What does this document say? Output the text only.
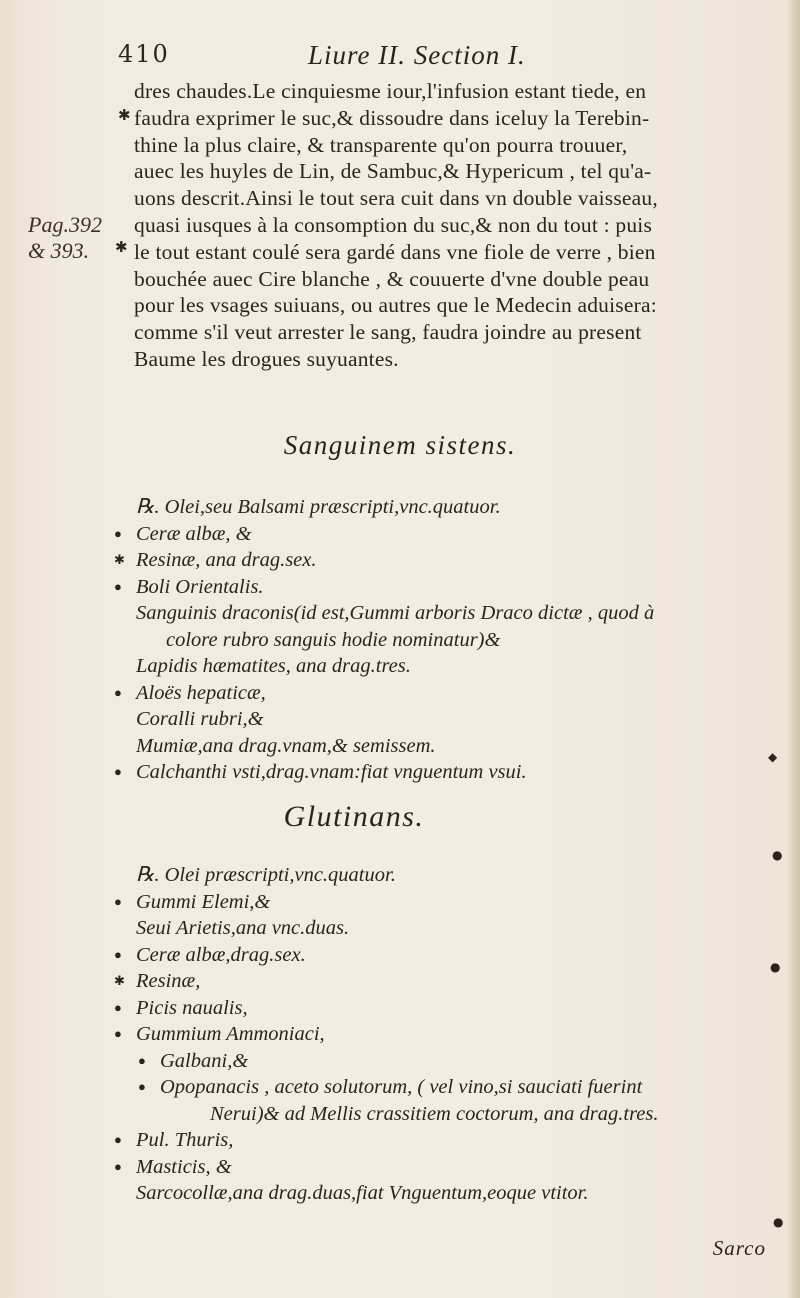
410	Liure II. Section I.
Pag.392
& 393.
✱
✱
dres chaudes.Le cinquiesme iour,l'infusion estant tiede, en
faudra exprimer le suc,& dissoudre dans iceluy la Terebin-
thine la plus claire, & transparente qu'on pourra trouuer,
auec les huyles de Lin, de Sambuc,& Hypericum , tel qu'a-
uons descrit.Ainsi le tout sera cuit dans vn double vaisseau,
quasi iusques à la consomption du suc,& non du tout : puis
le tout estant coulé sera gardé dans vne fiole de verre , bien
bouchée auec Cire blanche , & couuerte d'vne double peau
pour les vsages suiuans, ou autres que le Medecin aduisera:
comme s'il veut arrester le sang, faudra joindre au present
Baume les drogues suyuantes.
Sanguinem sistens.
℞. Olei,seu Balsami præscripti,vnc.quatuor.
● Ceræ albæ, &
✱ Resinæ, ana drag.sex.
● Boli Orientalis.
Sanguinis draconis(id est,Gummi arboris Draco dictæ , quod à
colore rubro sanguis hodie nominatur)&
Lapidis hæmatites, ana drag.tres.
● Aloës hepaticæ,
Coralli rubri,&
Mumiæ,ana drag.vnam,& semissem.
● Calchanthi vsti,drag.vnam:fiat vnguentum vsui.
Glutinans.
℞. Olei præscripti,vnc.quatuor.
● Gummi Elemi,&
Seui Arietis,ana vnc.duas.
● Ceræ albæ,drag.sex.
✱ Resinæ,
● Picis naualis,
● Gummium Ammoniaci,
● Galbani,&
● Opopanacis , aceto solutorum, ( vel vino,si sauciati fuerint
Nerui)& ad Mellis crassitiem coctorum, ana drag.tres.
● Pul. Thuris,
● Masticis, &
Sarcocollæ,ana drag.duas,fiat Vnguentum,eoque vtitor.
Sarco
◆
●
●
●
